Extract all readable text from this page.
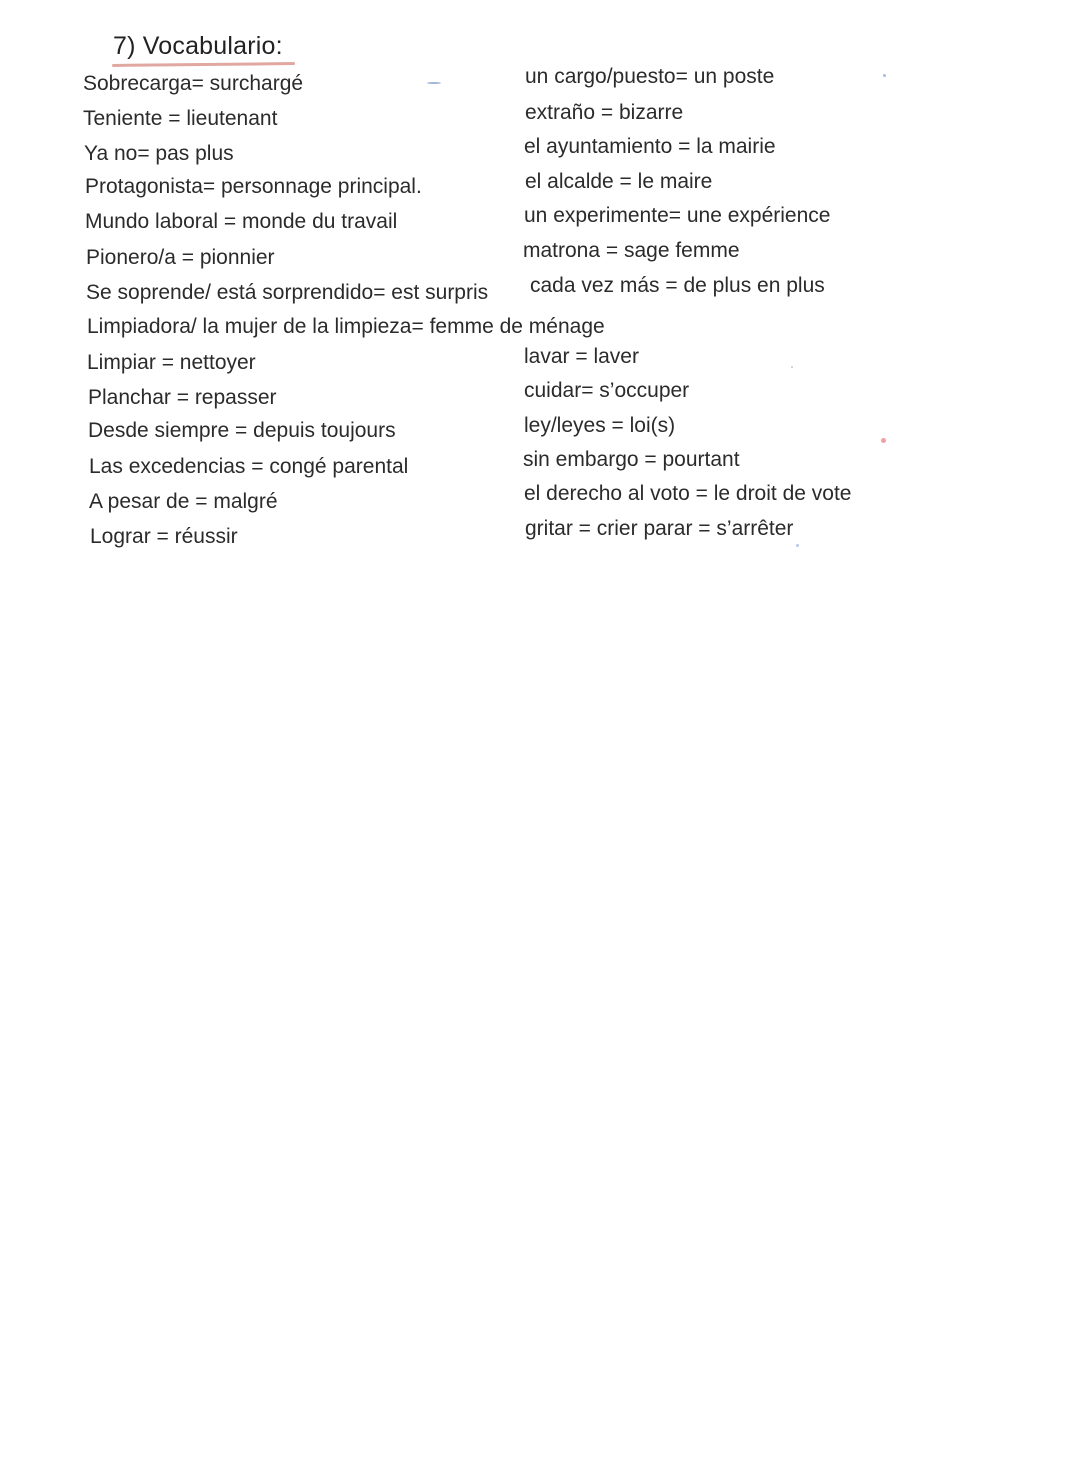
7) Vocabulario:
Sobrecarga= surchargé
Teniente = lieutenant
Ya no= pas plus
Protagonista= personnage principal.
Mundo laboral = monde du travail
Pionero/a = pionnier
Se soprende/ está sorprendido= est surpris
Limpiadora/ la mujer de la limpieza= femme de ménage
Limpiar = nettoyer
Planchar = repasser
Desde siempre = depuis toujours
Las excedencias = congé parental
A pesar de = malgré
Lograr = réussir
un cargo/puesto= un poste
extraño = bizarre
el ayuntamiento = la mairie
el alcalde = le maire
un experimente= une expérience
matrona = sage femme
cada vez más = de plus en plus
lavar = laver
cuidar= s’occuper
ley/leyes = loi(s)
sin embargo = pourtant
el derecho al voto = le droit de vote
gritar = crier parar = s’arrêter
